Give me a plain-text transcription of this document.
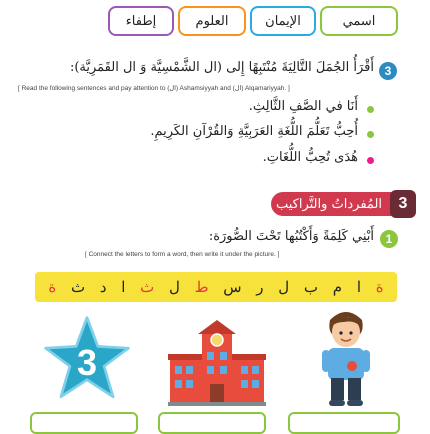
اسمي
الإيمان
العلوم
إطفاء
3
أَقْرَأُ الجُمَلَ التَّالِيَةَ مُنْتَبِهًا إِلى (ال الشَّمْسِيَّة وَ ال القَمَرِيَّة):
[ Read the following sentences and pay attention to (ال) Ashamsiyyah and (ال) Alqamariyyah. ]
أَنَا في الصَّفِ الثَّالِثِ.
أُحِبُّ تَعَلُّمَ اللُّغَةِ العَرَبِيَّةِ وَالقُرْآنِ الكَرِيمِ.
هُدَى تُحِبُّ اللُّغَاتِ.
المُفرداتُ والتَّراكيب 3
1
أَبْنِي كَلِمَةً وَأَكْتُبُها تَحْتَ الصُّورَة:
[ Connect the letters to form a word, then write it under the picture. ]
ة
ا
م
ب
ل
ر
س
ط
ل
ث
ا
د
ث
ة
3
